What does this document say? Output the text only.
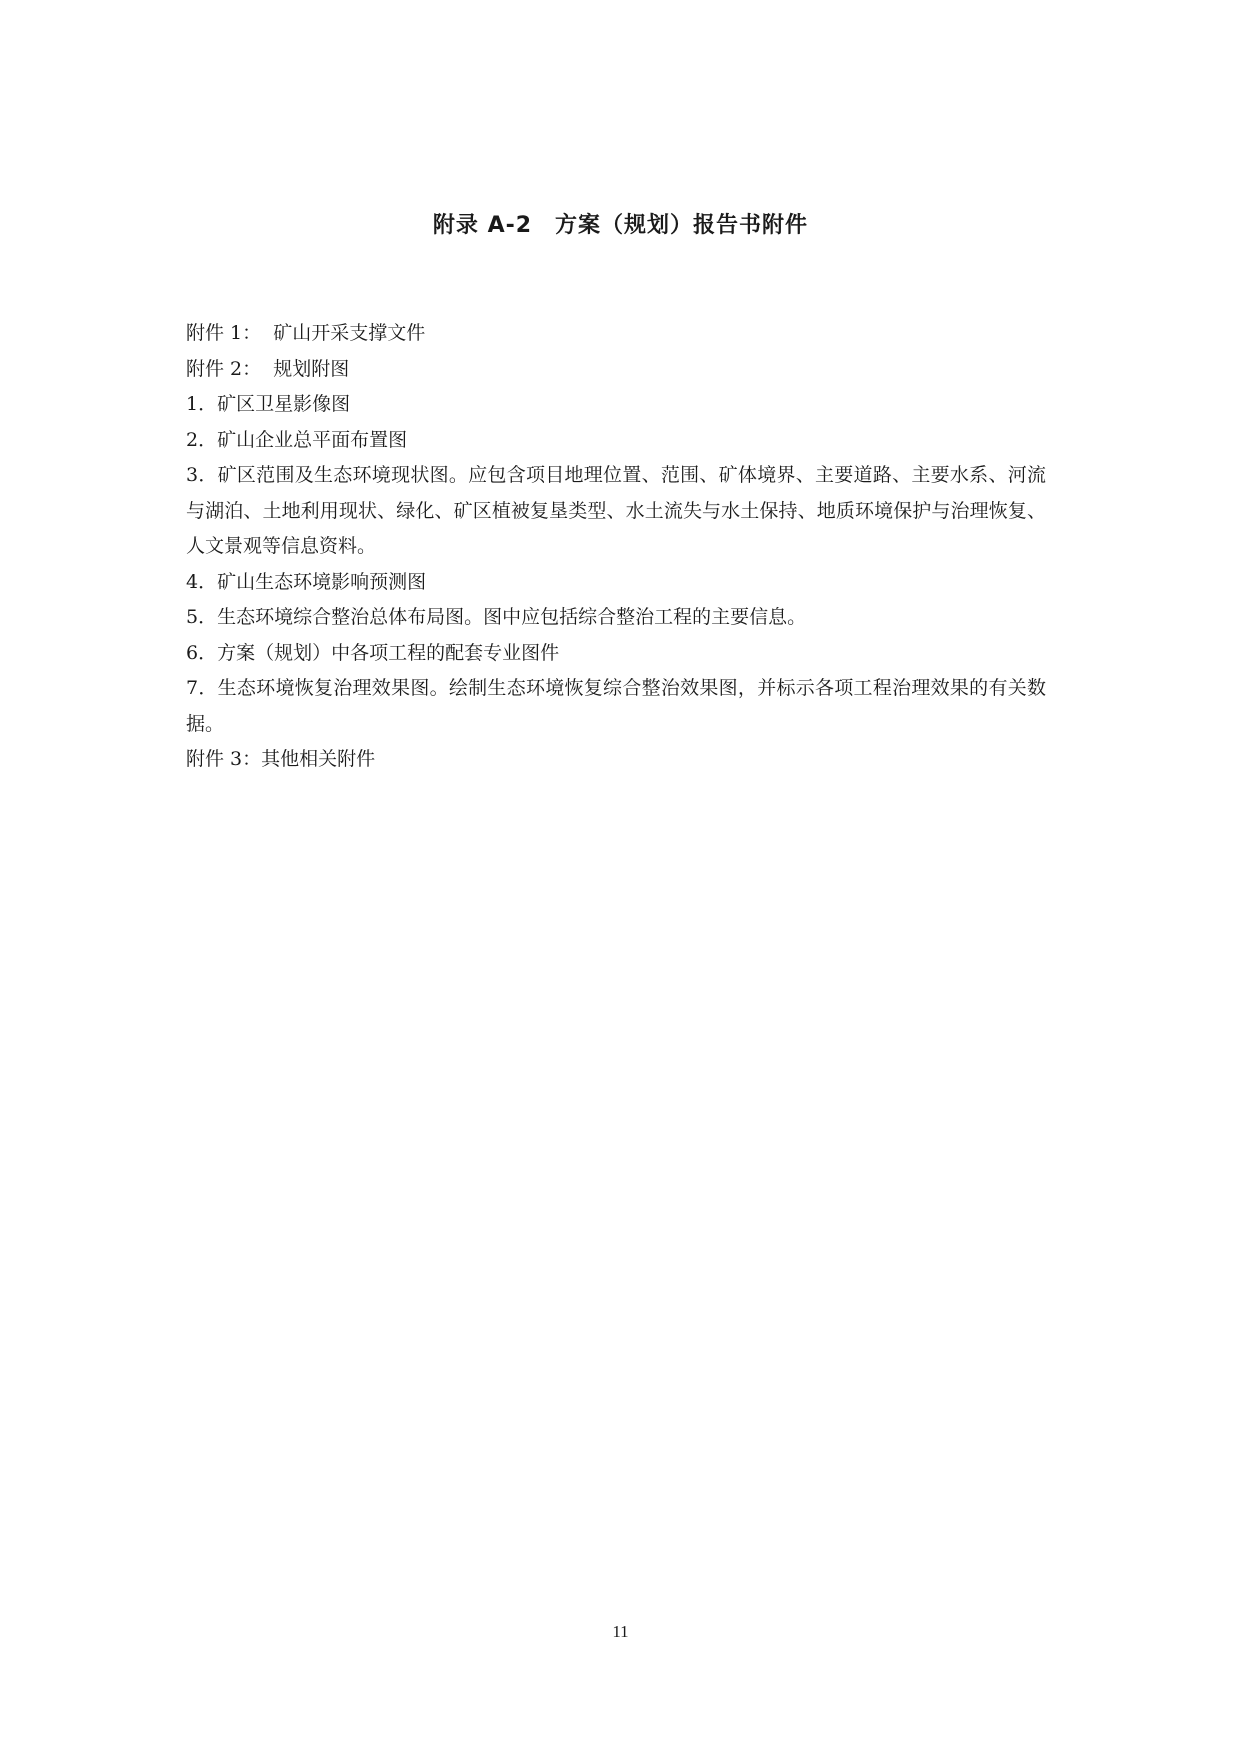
附录 A-2　方案（规划）报告书附件

附件 1：  矿山开采支撑文件

附件 2：  规划附图

1．矿区卫星影像图

2．矿山企业总平面布置图

3．矿区范围及生态环境现状图。应包含项目地理位置、范围、矿体境界、主要道路、主要水系、河流与湖泊、土地利用现状、绿化、矿区植被复垦类型、水土流失与水土保持、地质环境保护与治理恢复、人文景观等信息资料。

4．矿山生态环境影响预测图

5．生态环境综合整治总体布局图。图中应包括综合整治工程的主要信息。

6．方案（规划）中各项工程的配套专业图件

7．生态环境恢复治理效果图。绘制生态环境恢复综合整治效果图，并标示各项工程治理效果的有关数据。

附件 3：其他相关附件

11
